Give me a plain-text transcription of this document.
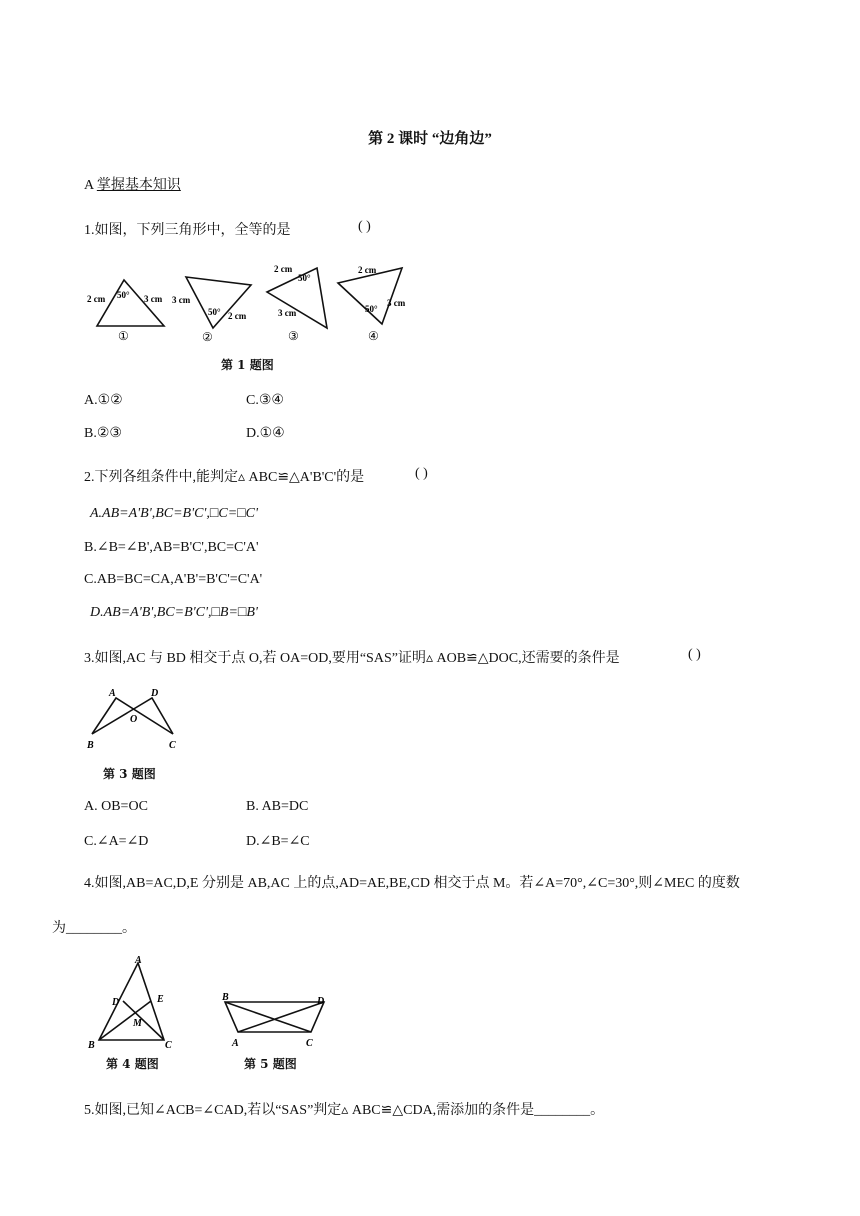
第 2 课时 “边角边”
A 掌握基本知识
1.如图，下列三角形中，全等的是	( )
2 cm	3 cm
50°
①
3 cm
2 cm
50°
②
2 cm
3 cm
50°
③
2 cm
3 cm
50°
④
第 1 题图
A.①②	C.③④
B.②③	D.①④
2.下列各组条件中,能判定▵ ABC≌△A'B'C'的是	( )
A.AB=A'B',BC=B'C',□C=□C'
B.∠B=∠B',AB=B'C',BC=C'A'
C.AB=BC=CA,A'B'=B'C'=C'A'
D.AB=A'B',BC=B'C',□B=□B'
3.如图,AC 与 BD 相交于点 O,若 OA=OD,要用“SAS”证明▵ AOB≌△DOC,还需要的条件是	( )
A	D
O
B	C
第 3 题图
A. OB=OC	B. AB=DC
C.∠A=∠D	D.∠B=∠C
4.如图,AB=AC,D,E 分别是 AB,AC 上的点,AD=AE,BE,CD 相交于点 M。若∠A=70°,∠C=30°,则∠MEC 的度数
为________。
A
D	E
M
B	C
第 4 题图
B	D
A	C
第 5 题图
5.如图,已知∠ACB=∠CAD,若以“SAS”判定▵ ABC≌△CDA,需添加的条件是________。
